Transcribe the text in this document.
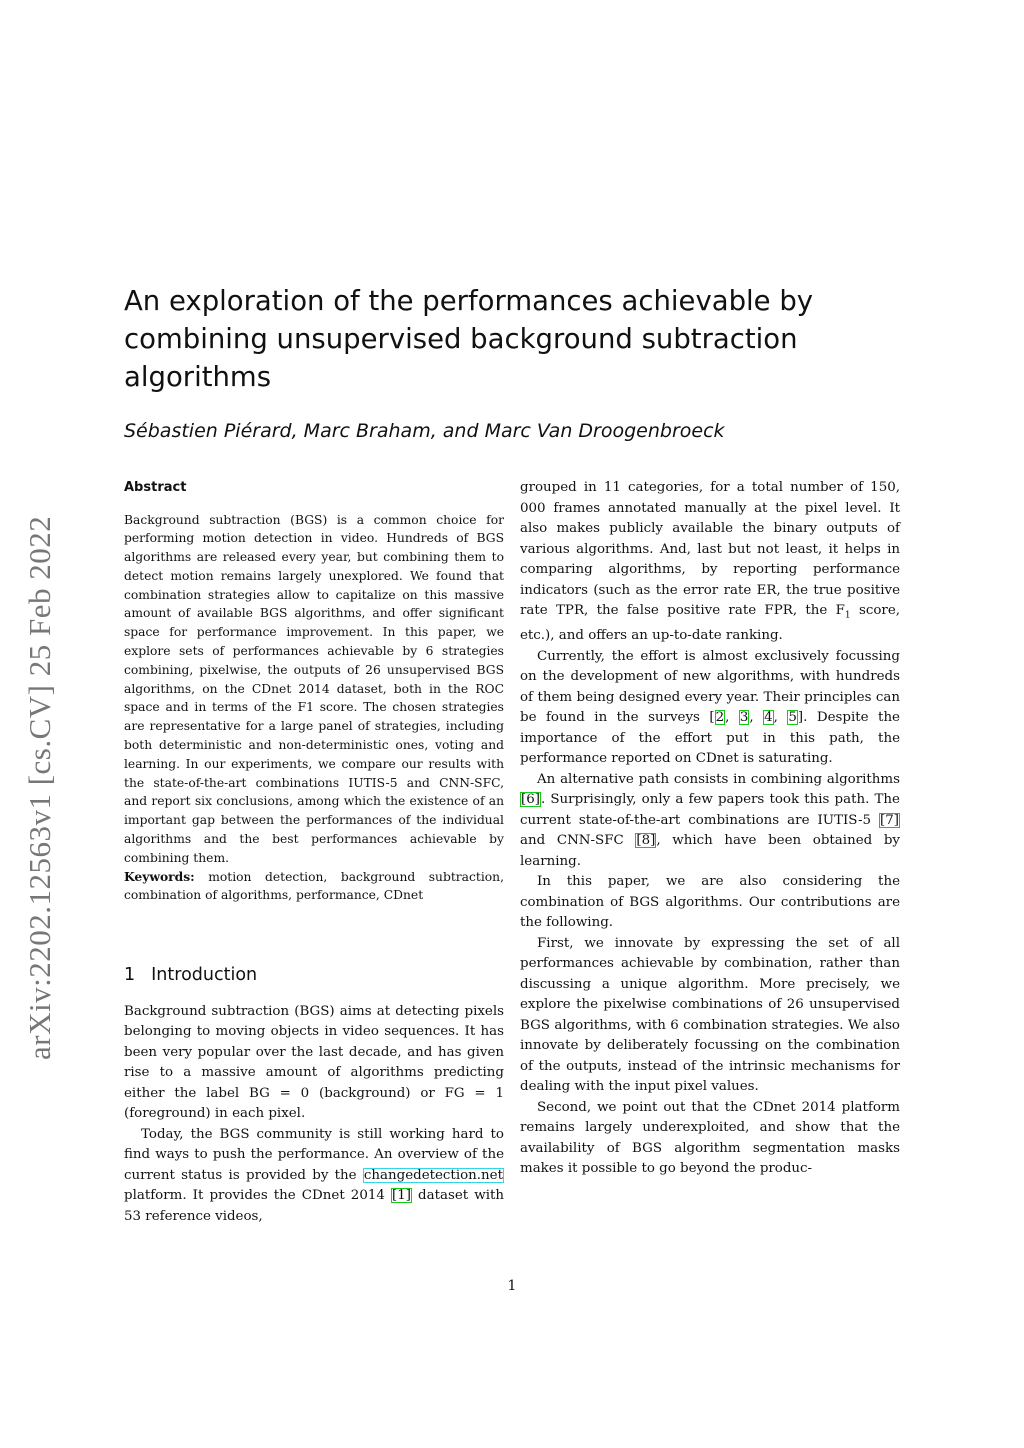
arXiv:2202.12563v1 [cs.CV] 25 Feb 2022
An exploration of the performances achievable by combining unsupervised background subtraction algorithms
Sébastien Piérard, Marc Braham, and Marc Van Droogenbroeck
Abstract

Background subtraction (BGS) is a common choice for performing motion detection in video. Hundreds of BGS algorithms are released every year, but combining them to detect motion remains largely unexplored. We found that combination strategies allow to capitalize on this massive amount of available BGS algorithms, and offer significant space for performance improvement. In this paper, we explore sets of performances achievable by 6 strategies combining, pixelwise, the outputs of 26 unsupervised BGS algorithms, on the CDnet 2014 dataset, both in the ROC space and in terms of the F1 score. The chosen strategies are representative for a large panel of strategies, including both deterministic and non-deterministic ones, voting and learning. In our experiments, we compare our results with the state-of-the-art combinations IUTIS-5 and CNN-SFC, and report six conclusions, among which the existence of an important gap between the performances of the individual algorithms and the best performances achievable by combining them.

Keywords: motion detection, background subtraction, combination of algorithms, performance, CDnet

1 Introduction

Background subtraction (BGS) aims at detecting pixels belonging to moving objects in video sequences. It has been very popular over the last decade, and has given rise to a massive amount of algorithms predicting either the label BG = 0 (background) or FG = 1 (foreground) in each pixel.

Today, the BGS community is still working hard to find ways to push the performance. An overview of the current status is provided by the changedetection.net platform. It provides the CDnet 2014 [1] dataset with 53 reference videos,

grouped in 11 categories, for a total number of 150, 000 frames annotated manually at the pixel level. It also makes publicly available the binary outputs of various algorithms. And, last but not least, it helps in comparing algorithms, by reporting performance indicators (such as the error rate ER, the true positive rate TPR, the false positive rate FPR, the $F_1$ score, etc.), and offers an up-to-date ranking.

Currently, the effort is almost exclusively focussing on the development of new algorithms, with hundreds of them being designed every year. Their principles can be found in the surveys [2, 3, 4, 5]. Despite the importance of the effort put in this path, the performance reported on CDnet is saturating.

An alternative path consists in combining algorithms [6]. Surprisingly, only a few papers took this path. The current state-of-the-art combinations are IUTIS-5 [7] and CNN-SFC [8], which have been obtained by learning.

In this paper, we are also considering the combination of BGS algorithms. Our contributions are the following.

First, we innovate by expressing the set of all performances achievable by combination, rather than discussing a unique algorithm. More precisely, we explore the pixelwise combinations of 26 unsupervised BGS algorithms, with 6 combination strategies. We also innovate by deliberately focussing on the combination of the outputs, instead of the intrinsic mechanisms for dealing with the input pixel values.

Second, we point out that the CDnet 2014 platform remains largely underexploited, and show that the availability of BGS algorithm segmentation masks makes it possible to go beyond the produc-

1
